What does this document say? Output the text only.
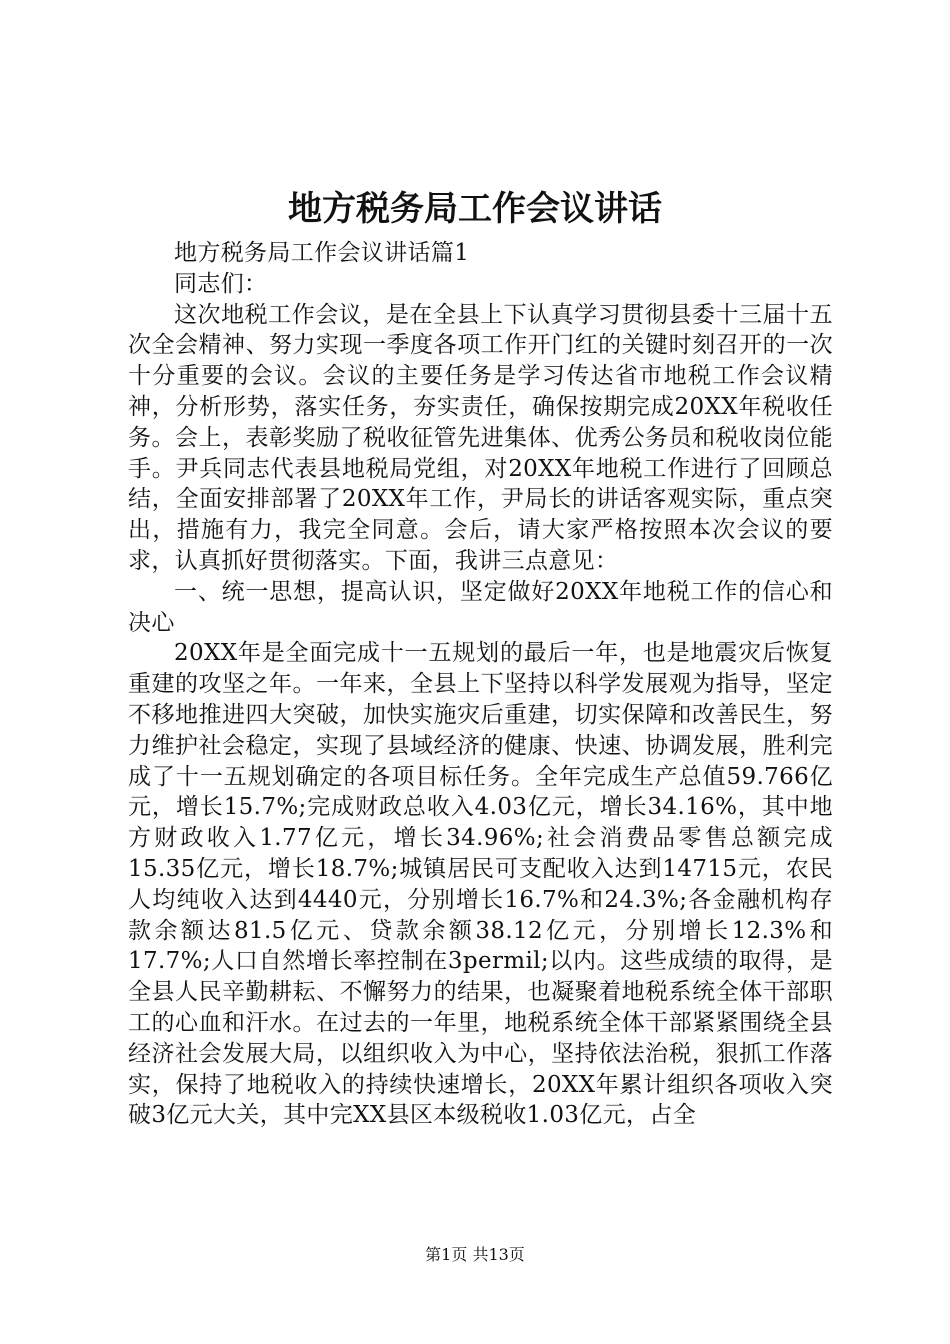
地方税务局工作会议讲话

地方税务局工作会议讲话篇1

同志们：

这次地税工作会议，是在全县上下认真学习贯彻县委十三届十五次全会精神、努力实现一季度各项工作开门红的关键时刻召开的一次十分重要的会议。会议的主要任务是学习传达省市地税工作会议精神，分析形势，落实任务，夯实责任，确保按期完成20XX年税收任务。会上，表彰奖励了税收征管先进集体、优秀公务员和税收岗位能手。尹兵同志代表县地税局党组，对20XX年地税工作进行了回顾总结，全面安排部署了20XX年工作，尹局长的讲话客观实际，重点突出，措施有力，我完全同意。会后，请大家严格按照本次会议的要求，认真抓好贯彻落实。下面，我讲三点意见：

一、统一思想，提高认识，坚定做好20XX年地税工作的信心和决心

20XX年是全面完成十一五规划的最后一年，也是地震灾后恢复重建的攻坚之年。一年来，全县上下坚持以科学发展观为指导，坚定不移地推进四大突破，加快实施灾后重建，切实保障和改善民生，努力维护社会稳定，实现了县域经济的健康、快速、协调发展，胜利完成了十一五规划确定的各项目标任务。全年完成生产总值59.766亿元，增长15.7%;完成财政总收入4.03亿元，增长34.16%，其中地方财政收入1.77亿元，增长34.96%;社会消费品零售总额完成15.35亿元，增长18.7%;城镇居民可支配收入达到14715元，农民人均纯收入达到4440元，分别增长16.7%和24.3%;各金融机构存款余额达81.5亿元、贷款余额38.12亿元，分别增长12.3%和17.7%;人口自然增长率控制在3permil;以内。这些成绩的取得，是全县人民辛勤耕耘、不懈努力的结果，也凝聚着地税系统全体干部职工的心血和汗水。在过去的一年里，地税系统全体干部紧紧围绕全县经济社会发展大局，以组织收入为中心，坚持依法治税，狠抓工作落实，保持了地税收入的持续快速增长，20XX年累计组织各项收入突破3亿元大关，其中完XX县区本级税收1.03亿元，占全

第1页 共13页
